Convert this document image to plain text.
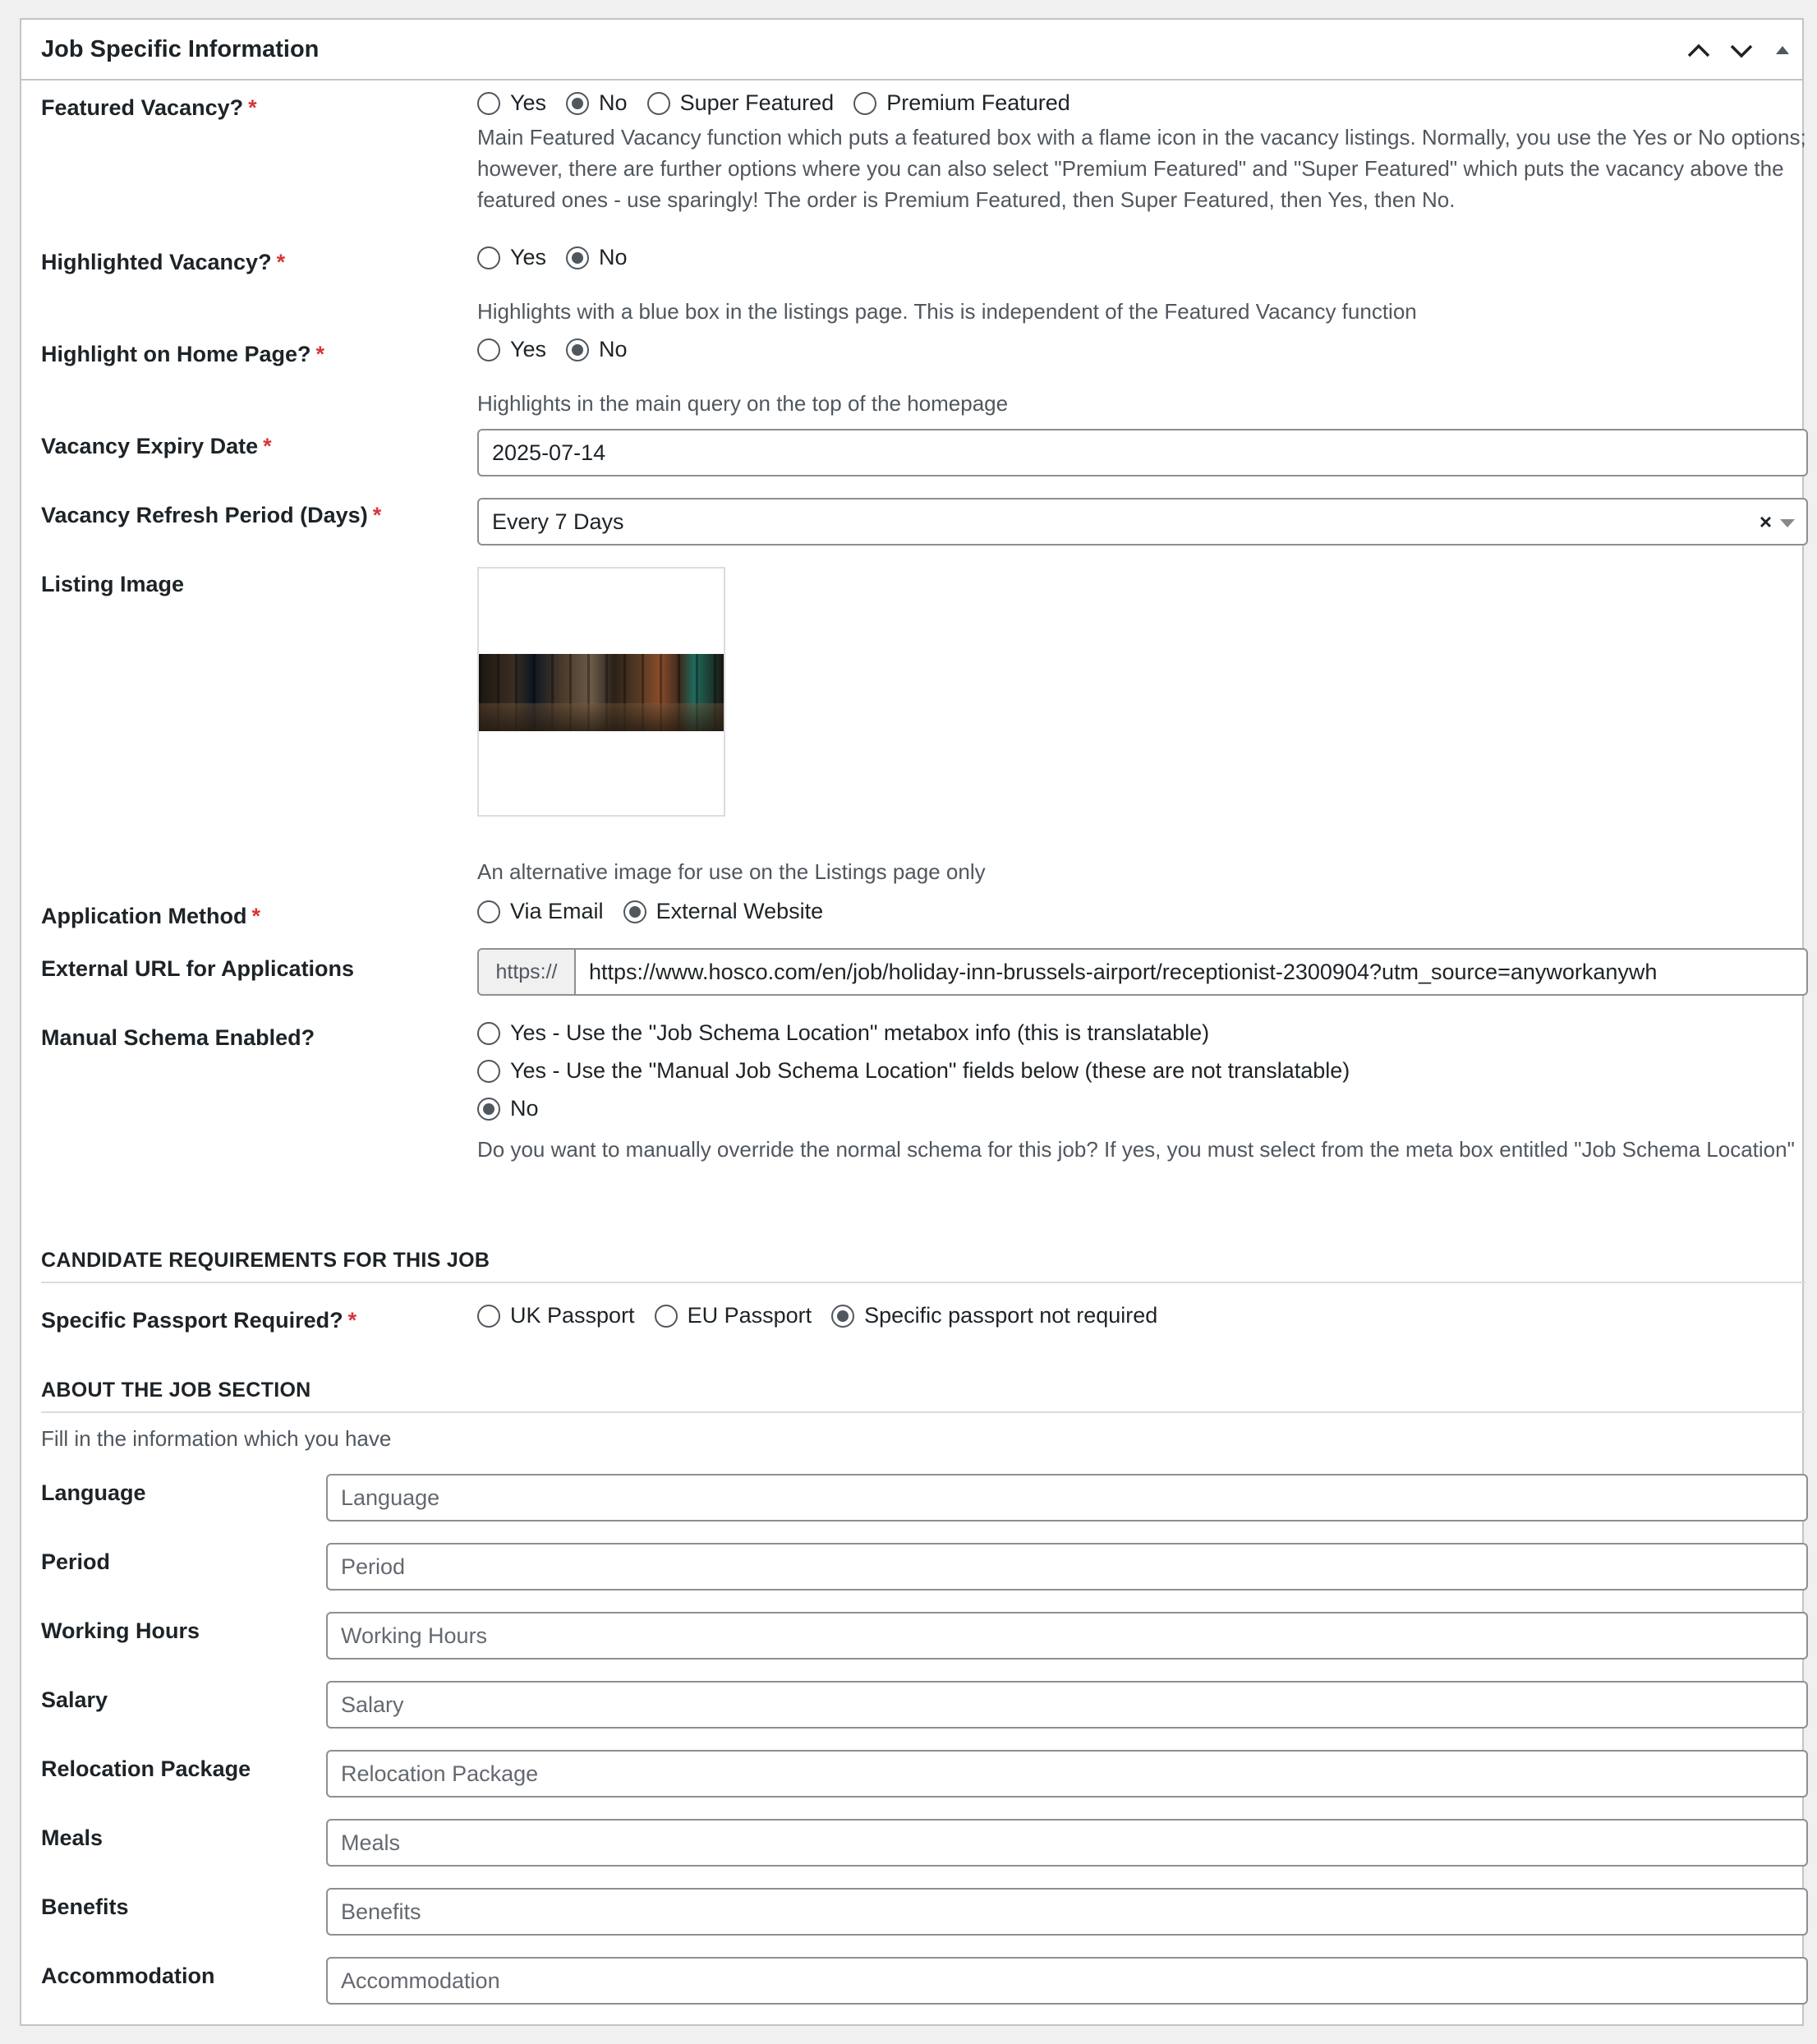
Job Specific Information
Featured Vacancy? *	Yes No Super Featured Premium Featured
Main Featured Vacancy function which puts a featured box with a flame icon in the vacancy listings. Normally, you use the Yes or No options; however, there are further options where you can also select "Premium Featured" and "Super Featured" which puts the vacancy above the featured ones - use sparingly! The order is Premium Featured, then Super Featured, then Yes, then No.
Highlighted Vacancy? *	Yes No
Highlights with a blue box in the listings page. This is independent of the Featured Vacancy function
Highlight on Home Page? *	Yes No
Highlights in the main query on the top of the homepage
Vacancy Expiry Date *	2025-07-14
Vacancy Refresh Period (Days) *	Every 7 Days	×
Listing Image
An alternative image for use on the Listings page only
Application Method *	Via Email External Website
External URL for Applications	https://	https://www.hosco.com/en/job/holiday-inn-brussels-airport/receptionist-2300904?utm_source=anyworkanywh
Manual Schema Enabled?	Yes - Use the "Job Schema Location" metabox info (this is translatable)
Yes - Use the "Manual Job Schema Location" fields below (these are not translatable)
No
Do you want to manually override the normal schema for this job? If yes, you must select from the meta box entitled "Job Schema Location"
CANDIDATE REQUIREMENTS FOR THIS JOB
Specific Passport Required? *	UK Passport EU Passport Specific passport not required
ABOUT THE JOB SECTION
Fill in the information which you have
Language	Language
Period	Period
Working Hours	Working Hours
Salary	Salary
Relocation Package	Relocation Package
Meals	Meals
Benefits	Benefits
Accommodation	Accommodation
